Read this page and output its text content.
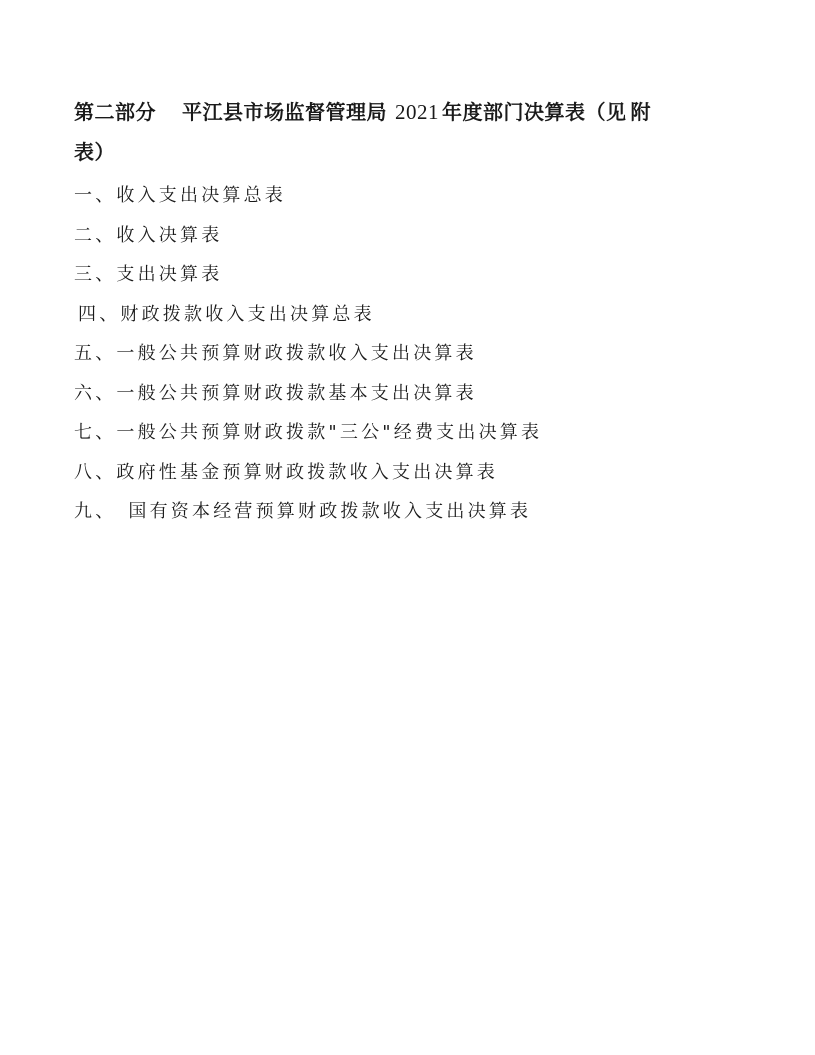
第二部分 平江县市场监督管理局 2021 年度部门决算表（见 附
表）
一、收入支出决算总表
二、收入决算表
三、支出决算表
四、财政拨款收入支出决算总表
五、一般公共预算财政拨款收入支出决算表
六、一般公共预算财政拨款基本支出决算表
七、一般公共预算财政拨款"三公"经费支出决算表
八、政府性基金预算财政拨款收入支出决算表
九、 国有资本经营预算财政拨款收入支出决算表
